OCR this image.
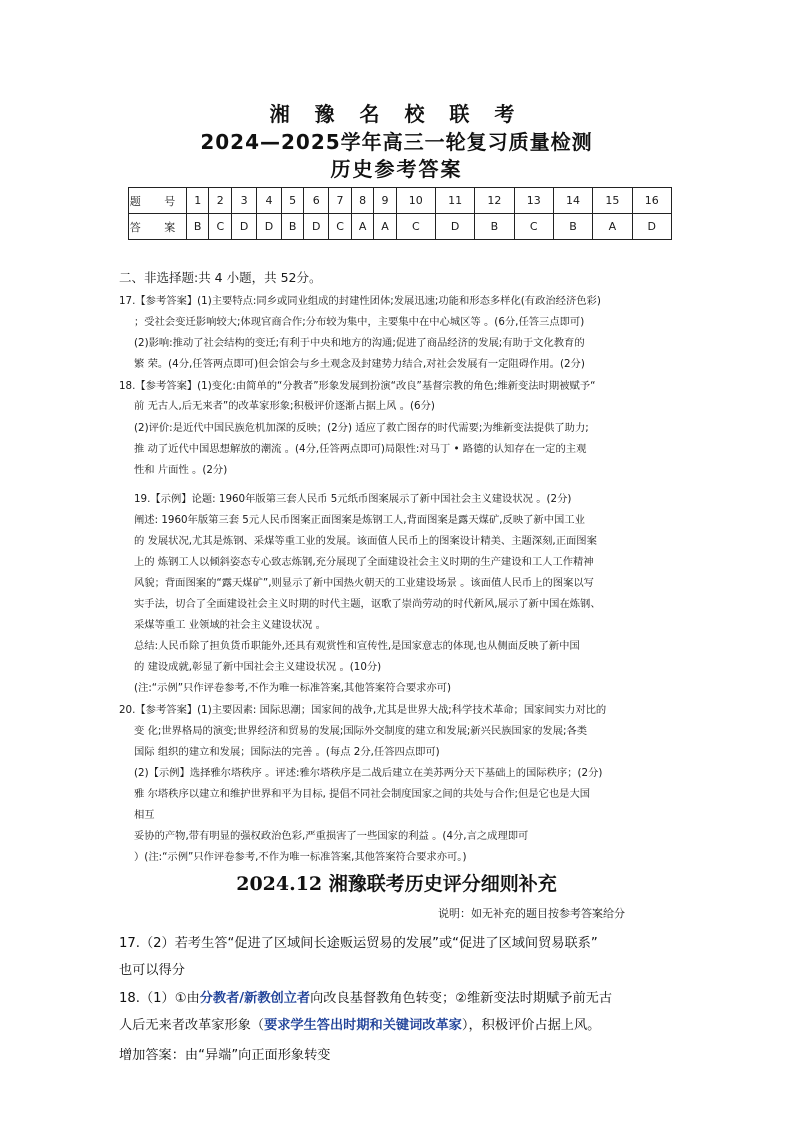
湘 豫 名 校 联 考
2024—2025学年高三一轮复习质量检测
历史参考答案
题 号	1	2	3	4	5	6	7	8	9	10	11	12	13	14	15	16
答 案	B	C	D	D	B	D	C	A	A	C	D	B	C	B	A	D
二、非选择题:共 4 小题，共 52分。
17.【参考答案】(1)主要特点:同乡或同业组成的封建性团体;发展迅速;功能和形态多样化(有政治经济色彩)
；受社会变迁影响较大;体现官商合作;分布较为集中，主要集中在中心城区等 。(6分,任答三点即可)
(2)影响:推动了社会结构的变迁;有利于中央和地方的沟通;促进了商品经济的发展;有助于文化教育的
繁 荣。(4分,任答两点即可)但会馆会与乡土观念及封建势力结合,对社会发展有一定阻碍作用。(2分)
18.【参考答案】(1)变化:由简单的“分教者”形象发展到扮演“改良”基督宗教的角色;维新变法时期被赋予“
前 无古人,后无来者”的改革家形象;积极评价逐渐占据上风 。(6分)
(2)评价:是近代中国民族危机加深的反映；(2分) 适应了救亡图存的时代需要;为维新变法提供了助力;
推 动了近代中国思想解放的潮流 。(4分,任答两点即可)局限性:对马丁 • 路德的认知存在一定的主观
性和 片面性 。(2分)
19.【示例】论题: 1960年版第三套人民币 5元纸币图案展示了新中国社会主义建设状况 。(2分)
阐述: 1960年版第三套 5元人民币图案正面图案是炼钢工人,背面图案是露天煤矿,反映了新中国工业
的 发展状况,尤其是炼钢、采煤等重工业的发展。该面值人民币上的图案设计精美、主题深刻,正面图案
上的 炼钢工人以倾斜姿态专心致志炼钢,充分展现了全面建设社会主义时期的生产建设和工人工作精神
风貌；背面图案的“露天煤矿”,则显示了新中国热火朝天的工业建设场景 。该面值人民币上的图案以写
实手法，切合了全面建设社会主义时期的时代主题，讴歌了崇尚劳动的时代新风,展示了新中国在炼钢、
采煤等重工 业领域的社会主义建设状况 。
总结:人民币除了担负货币职能外,还具有观赏性和宣传性,是国家意志的体现,也从侧面反映了新中国
的 建设成就,彰显了新中国社会主义建设状况 。(10分)
(注:“示例”只作评卷参考,不作为唯一标准答案,其他答案符合要求亦可)
20.【参考答案】(1)主要因素: 国际思潮；国家间的战争,尤其是世界大战;科学技术革命；国家间实力对比的
变 化;世界格局的演变;世界经济和贸易的发展;国际外交制度的建立和发展;新兴民族国家的发展;各类
国际 组织的建立和发展；国际法的完善 。(每点 2分,任答四点即可)
(2)【示例】选择雅尔塔秩序 。评述:雅尔塔秩序是二战后建立在美苏两分天下基础上的国际秩序；(2分)
雅 尔塔秩序以建立和维护世界和平为目标, 提倡不同社会制度国家之间的共处与合作;但是它也是大国
相互
妥协的产物,带有明显的强权政治色彩,严重损害了一些国家的利益 。(4分,言之成理即可
）(注:“示例”只作评卷参考,不作为唯一标准答案,其他答案符合要求亦可。)
2024.12 湘豫联考历史评分细则补充
说明：如无补充的题目按参考答案给分
17.（2）若考生答“促进了区域间长途贩运贸易的发展”或“促进了区域间贸易联系”
也可以得分
18.（1）①由分教者/新教创立者向改良基督教角色转变；②维新变法时期赋予前无古
人后无来者改革家形象（要求学生答出时期和关键词改革家），积极评价占据上风。
增加答案：由“异端”向正面形象转变
